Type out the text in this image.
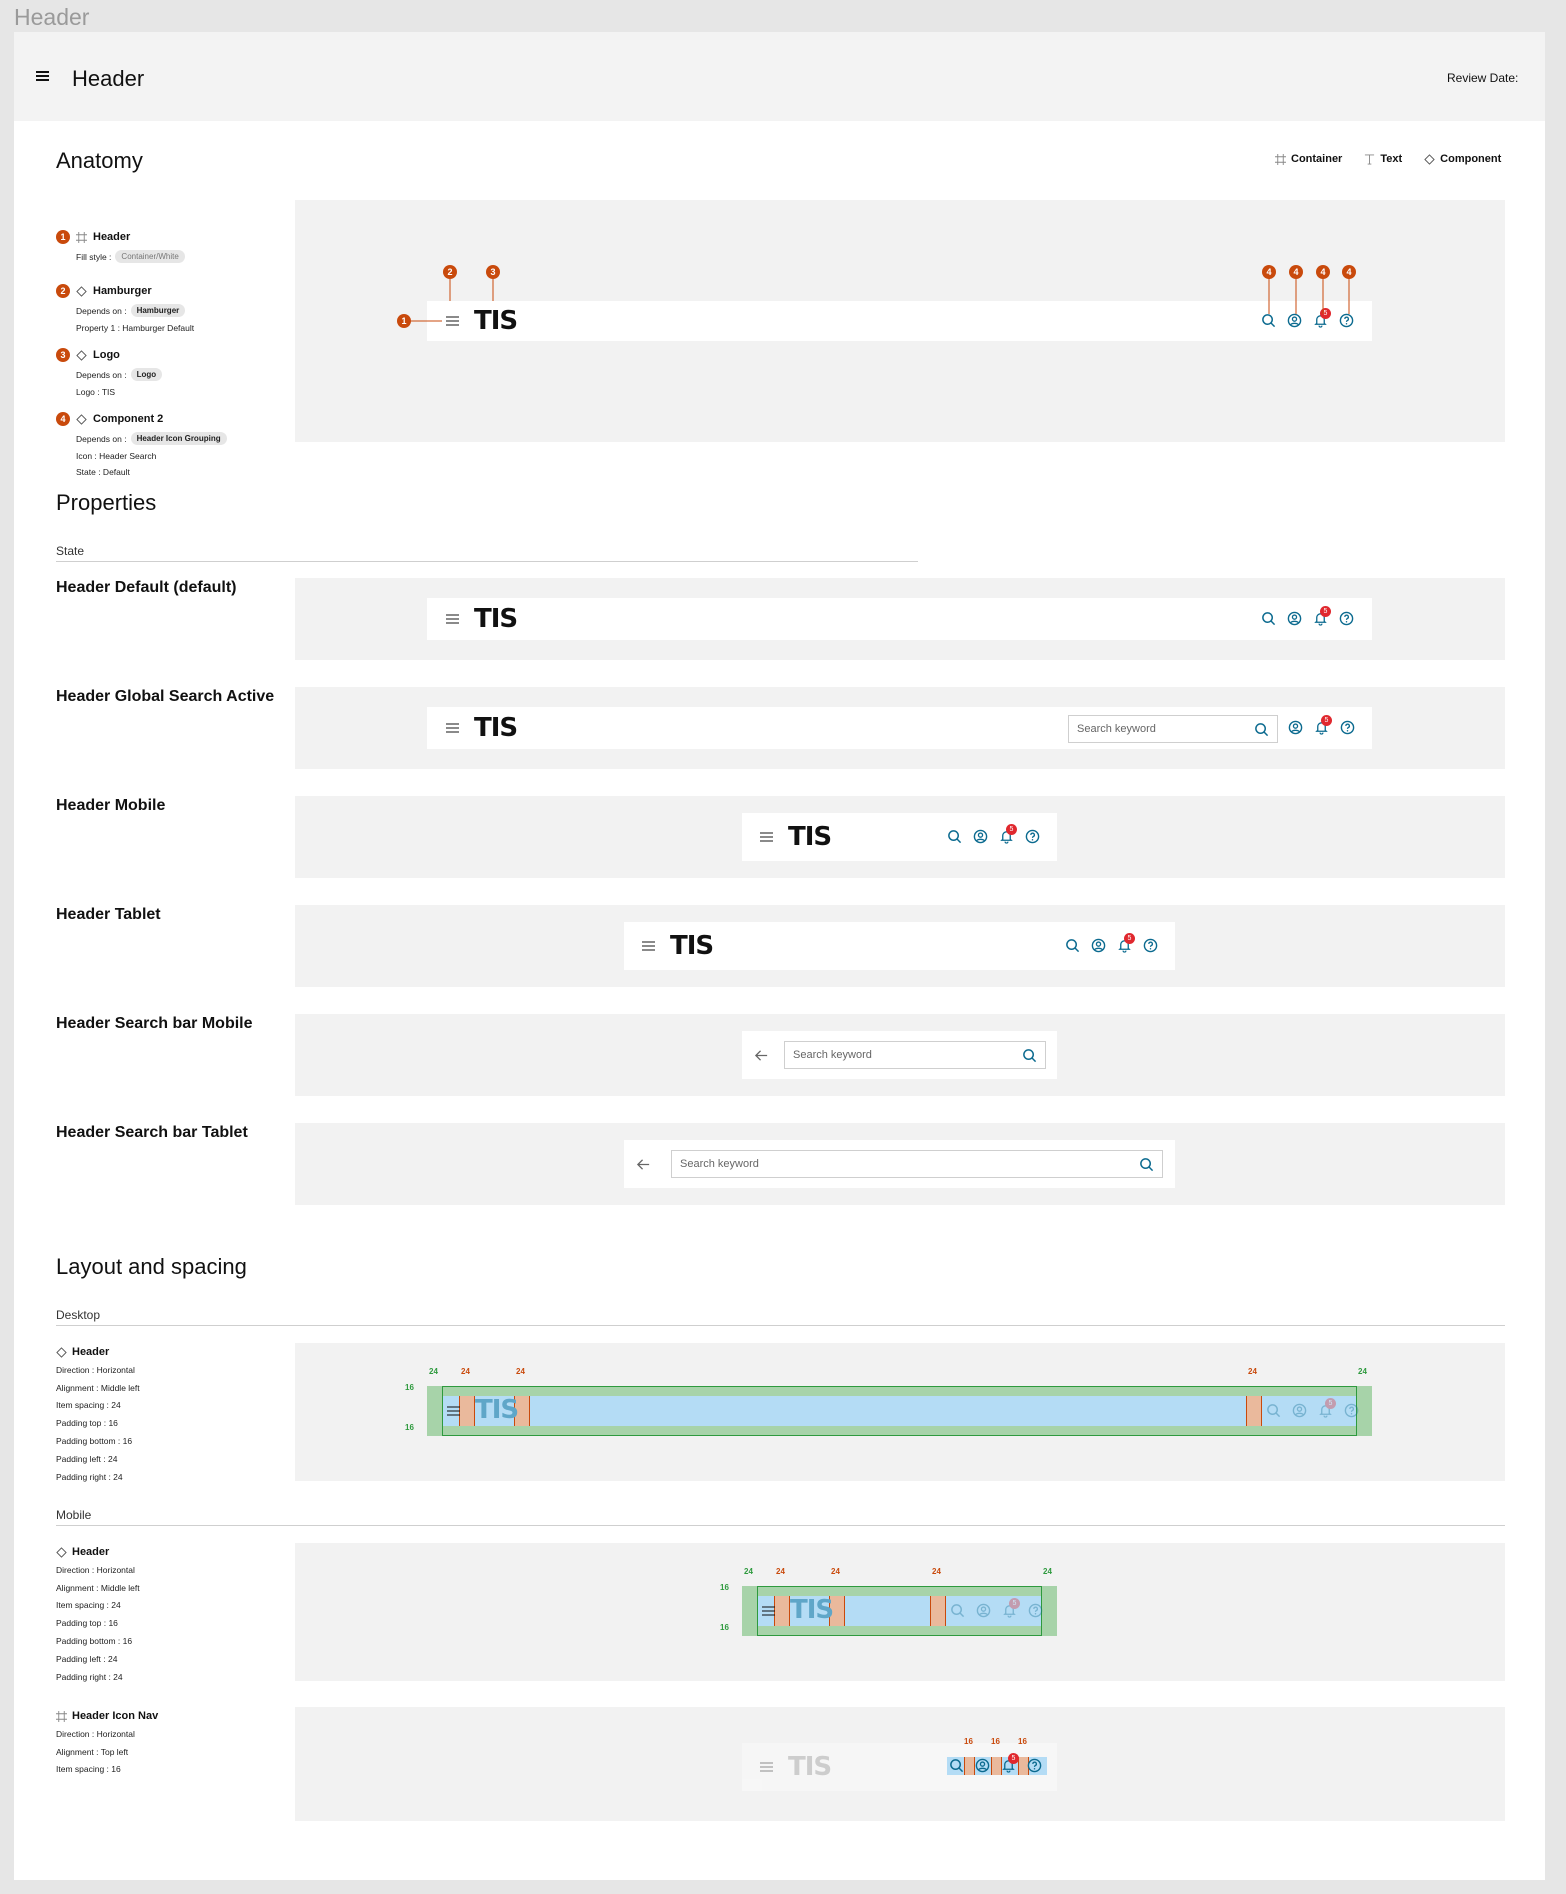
Header
Header	Review Date:
Anatomy	Container	Text	Component
1	Header
Fill style :	Container/White
2	Hamburger
Depends on :	Hamburger
Property 1 : Hamburger Default
3	Logo
Depends on :	Logo
Logo : TIS
4	Component 2
Depends on :	Header Icon Grouping
Icon : Header Search
State : Default
TIS	5
1
2	3	4	4	4	4
Properties
State
Header Default (default)
TIS	5
Header Global Search Active
TIS	Search keyword
5
Header Mobile
TIS	5
Header Tablet
TIS	5
Header Search bar Mobile
Search keyword
Header Search bar Tablet
Search keyword
Layout and spacing
Desktop
Header
Direction : Horizontal
Alignment : Middle left
Item spacing : 24
Padding top : 16
Padding bottom : 16
Padding left : 24
Padding right : 24
TIS	5
24	24
24	24	24
16
16
Mobile
Header
Direction : Horizontal
Alignment : Middle left
Item spacing : 24
Padding top : 16
Padding bottom : 16
Padding left : 24
Padding right : 24
TIS	5
24	24
24	24	24
16
16
Header Icon Nav
Direction : Horizontal
Alignment : Top left
Item spacing : 16	TIS	5
16 16 16
